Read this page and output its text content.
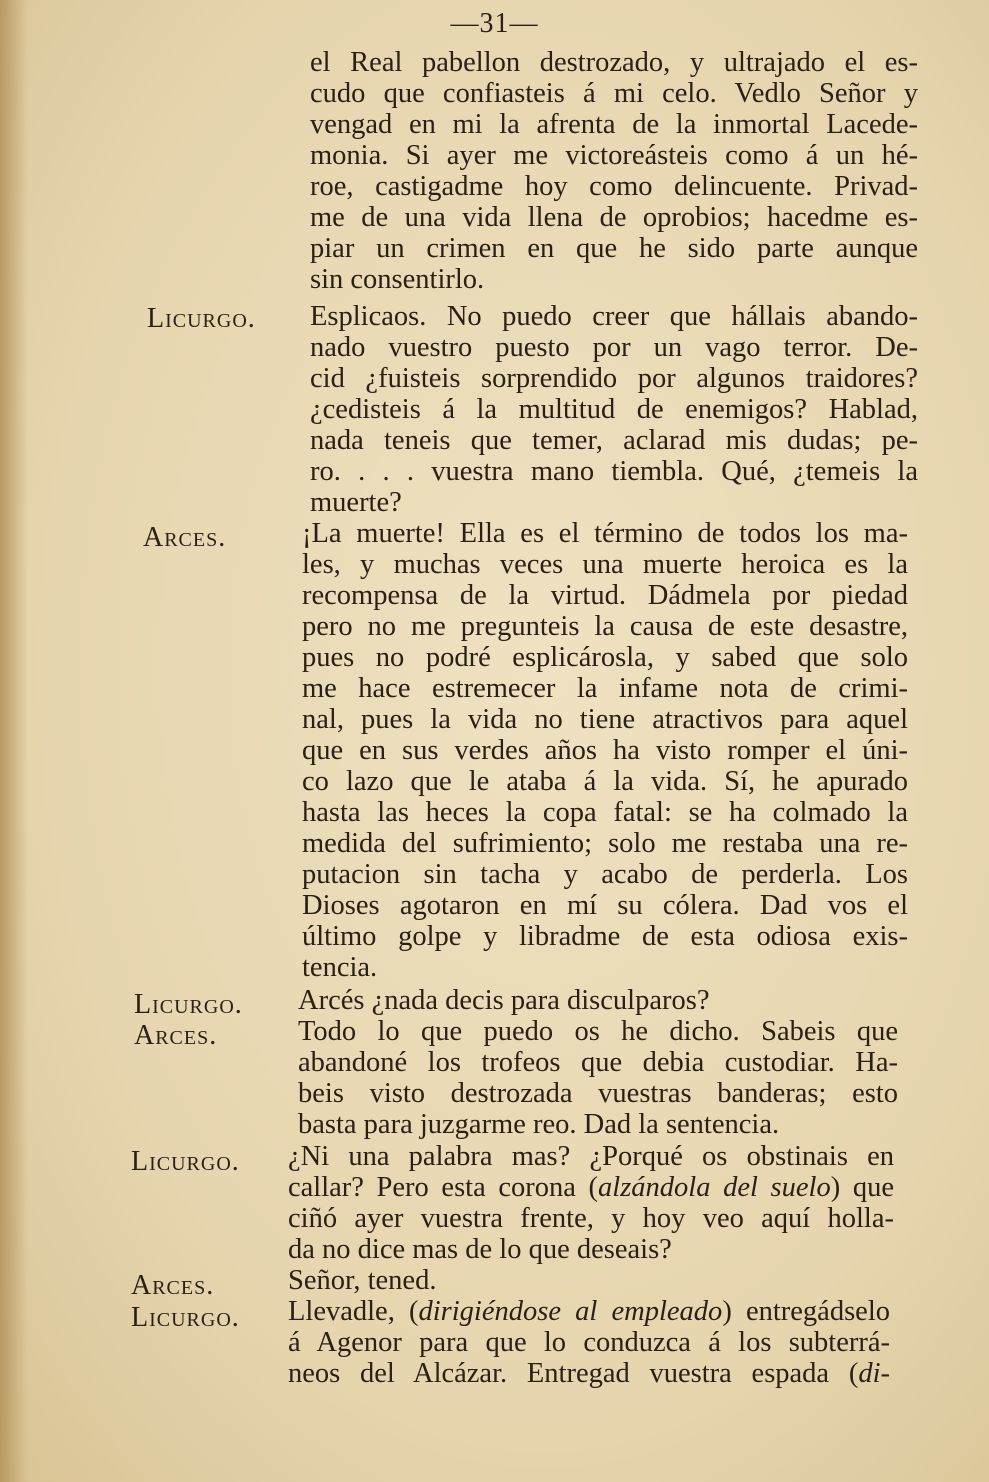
—31—
el Real pabellon destrozado, y ultrajado el es-
cudo que confiasteis á mi celo. Vedlo Señor y
vengad en mi la afrenta de la inmortal Lacede-
monia. Si ayer me victoreásteis como á un hé-
roe, castigadme hoy como delincuente. Privad-
me de una vida llena de oprobios; hacedme es-
piar un crimen en que he sido parte aunque
sin consentirlo.
Licurgo. Esplicaos. No puedo creer que hállais abando-
nado vuestro puesto por un vago terror. De-
cid ¿fuisteis sorprendido por algunos traidores?
¿cedisteis á la multitud de enemigos? Hablad,
nada teneis que temer, aclarad mis dudas; pe-
ro. . . . vuestra mano tiembla. Qué, ¿temeis la
muerte?
Arces.	¡La muerte! Ella es el término de todos los ma-
les, y muchas veces una muerte heroica es la
recompensa de la virtud. Dádmela por piedad
pero no me pregunteis la causa de este desastre,
pues no podré esplicárosla, y sabed que solo
me hace estremecer la infame nota de crimi-
nal, pues la vida no tiene atractivos para aquel
que en sus verdes años ha visto romper el úni-
co lazo que le ataba á la vida. Sí, he apurado
hasta las heces la copa fatal: se ha colmado la
medida del sufrimiento; solo me restaba una re-
putacion sin tacha y acabo de perderla. Los
Dioses agotaron en mí su cólera. Dad vos el
último golpe y libradme de esta odiosa exis-
tencia.
Licurgo. Arcés ¿nada decis para disculparos?
Arces.	Todo lo que puedo os he dicho. Sabeis que
abandoné los trofeos que debia custodiar. Ha-
beis visto destrozada vuestras banderas; esto
basta para juzgarme reo. Dad la sentencia.
Licurgo. ¿Ni una palabra mas? ¿Porqué os obstinais en
callar? Pero esta corona (alzándola del suelo) que
ciñó ayer vuestra frente, y hoy veo aquí holla-
da no dice mas de lo que deseais?
Arces.	Señor, tened.
Licurgo. Llevadle, (dirigiéndose al empleado) entregádselo
á Agenor para que lo conduzca á los subterrá-
neos del Alcázar. Entregad vuestra espada (di-
